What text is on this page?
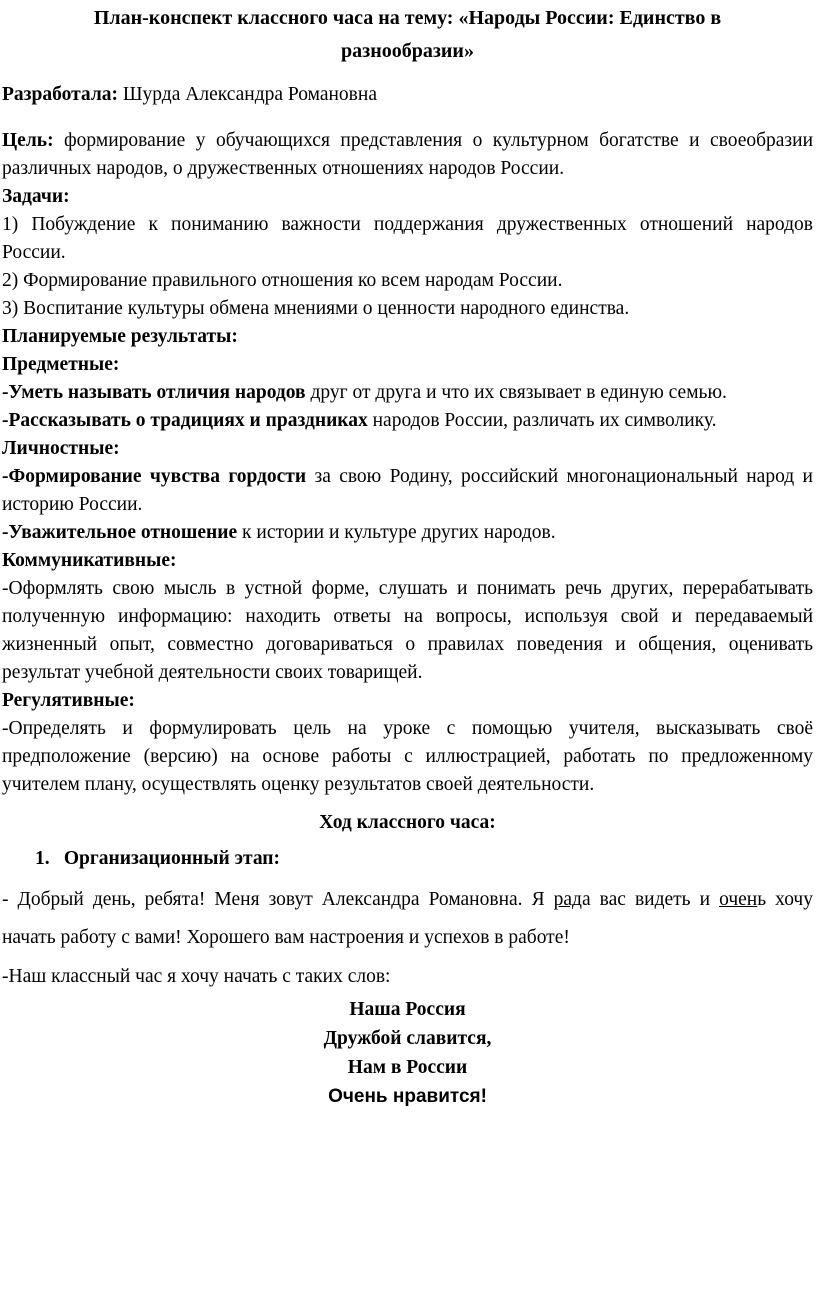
План-конспект классного часа на тему: «Народы России: Единство в
разнообразии»

Разработала: Шурда Александра Романовна

Цель: формирование у обучающихся представления о культурном богатстве и своеобразии различных народов, о дружественных отношениях народов России.

Задачи:

1) Побуждение к пониманию важности поддержания дружественных отношений народов России.

2) Формирование правильного отношения ко всем народам России.

3) Воспитание культуры обмена мнениями о ценности народного единства.

Планируемые результаты:

Предметные:

-Уметь называть отличия народов друг от друга и что их связывает в единую семью.

-Рассказывать о традициях и праздниках народов России, различать их символику.

Личностные:

-Формирование чувства гордости за свою Родину, российский многонациональный народ и историю России.

-Уважительное отношение к истории и культуре других народов.

Коммуникативные:

-Оформлять свою мысль в устной форме, слушать и понимать речь других, перерабатывать полученную информацию: находить ответы на вопросы, используя свой и передаваемый жизненный опыт, совместно договариваться о правилах поведения и общения, оценивать результат учебной деятельности своих товарищей.

Регулятивные:

-Определять и формулировать цель на уроке с помощью учителя, высказывать своё предположение (версию) на основе работы с иллюстрацией, работать по предложенному учителем плану, осуществлять оценку результатов своей деятельности.

Ход классного часа:

1. Организационный этап:

- Добрый день, ребята! Меня зовут Александра Романовна. Я рада вас видеть и очень хочу начать работу с вами! Хорошего вам настроения и успехов в работе!

-Наш классный час я хочу начать с таких слов:

Наша Россия

Дружбой славится,

Нам в России

Очень нравится!
